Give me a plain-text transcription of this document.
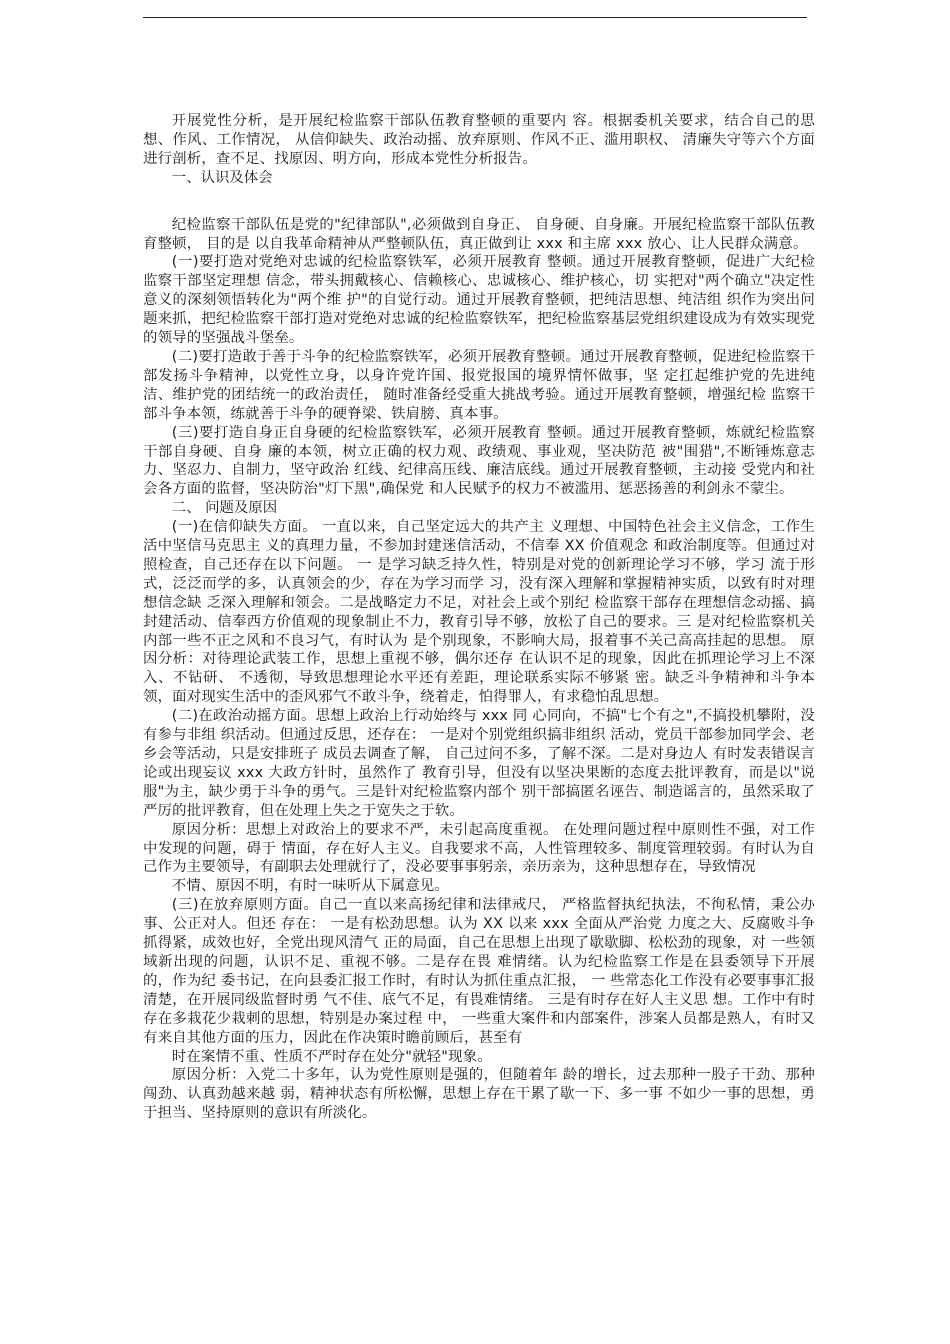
开展党性分析，是开展纪检监察干部队伍教育整顿的重要内 容。根据委机关要求，结合自己的思想、作风、工作情况， 从信仰缺失、政治动摇、放弃原则、作风不正、滥用职权、 清廉失守等六个方面进行剖析，查不足、找原因、明方向，形成本党性分析报告。

一、认识及体会

纪检监察干部队伍是党的"纪律部队",必须做到自身正、 自身硬、自身廉。开展纪检监察干部队伍教育整顿， 目的是 以自我革命精神从严整顿队伍，真正做到让 xxx 和主席 xxx 放心、让人民群众满意。

(一)要打造对党绝对忠诚的纪检监察铁军，必须开展教育 整顿。通过开展教育整顿，促进广大纪检监察干部坚定理想 信念，带头拥戴核心、信赖核心、忠诚核心、维护核心，切 实把对"两个确立"决定性意义的深刻领悟转化为"两个维 护"的自觉行动。通过开展教育整顿，把纯洁思想、纯洁组 织作为突出问题来抓，把纪检监察干部打造对党绝对忠诚的纪检监察铁军，把纪检监察基层党组织建设成为有效实现党的领导的坚强战斗堡垒。

(二)要打造敢于善于斗争的纪检监察铁军，必须开展教育整顿。通过开展教育整顿，促进纪检监察干部发扬斗争精神，以党性立身，以身许党许国、报党报国的境界情怀做事，坚 定扛起维护党的先进纯洁、维护党的团结统一的政治责任， 随时准备经受重大挑战考验。通过开展教育整顿，增强纪检 监察干部斗争本领，练就善于斗争的硬脊梁、铁肩膀、真本事。

(三)要打造自身正自身硬的纪检监察铁军，必须开展教育 整顿。通过开展教育整顿，炼就纪检监察干部自身硬、自身 廉的本领，树立正确的权力观、政绩观、事业观，坚决防范 被"围猎",不断锤炼意志力、坚忍力、自制力，坚守政治 红线、纪律高压线、廉洁底线。通过开展教育整顿，主动接 受党内和社会各方面的监督，坚决防治"灯下黑",确保党 和人民赋予的权力不被滥用、惩恶扬善的利剑永不蒙尘。

二、 问题及原因

(一)在信仰缺失方面。 一直以来，自己坚定远大的共产主 义理想、中国特色社会主义信念，工作生活中坚信马克思主 义的真理力量，不参加封建迷信活动，不信奉 XX 价值观念 和政治制度等。但通过对照检查，自己还存在以下问题。 一 是学习缺乏持久性，特别是对党的创新理论学习不够，学习 流于形式，泛泛而学的多，认真领会的少，存在为学习而学 习，没有深入理解和掌握精神实质，以致有时对理想信念缺 乏深入理解和领会。二是战略定力不足，对社会上或个别纪 检监察干部存在理想信念动摇、搞封建活动、信奉西方价值观的现象制止不力，教育引导不够，放松了自己的要求。三 是对纪检监察机关内部一些不正之风和不良习气，有时认为 是个别现象，不影响大局，报着事不关己高高挂起的思想。 原因分析：对待理论武装工作，思想上重视不够，偶尔还存 在认识不足的现象，因此在抓理论学习上不深入、不钻研、 不透彻，导致思想理论水平还有差距，理论联系实际不够紧 密。缺乏斗争精神和斗争本领，面对现实生活中的歪风邪气不敢斗争，绕着走，怕得罪人，有求稳怕乱思想。

(二)在政治动摇方面。思想上政治上行动始终与 xxx 同 心同向，不搞"七个有之",不搞投机攀附，没有参与非组 织活动。但通过反思，还存在： 一是对个别党组织搞非组织 活动，党员干部参加同学会、老乡会等活动，只是安排班子 成员去调查了解， 自己过问不多，了解不深。二是对身边人 有时发表错误言论或出现妄议 xxx 大政方针时，虽然作了 教育引导，但没有以坚决果断的态度去批评教育，而是以"说 服"为主，缺少勇于斗争的勇气。三是针对纪检监察内部个 别干部搞匿名诬告、制造谣言的，虽然采取了严厉的批评教育，但在处理上失之于宽失之于软。

原因分析：思想上对政治上的要求不严，未引起高度重视。 在处理问题过程中原则性不强，对工作中发现的问题，碍于 情面，存在好人主义。自我要求不高，人性管理较多、制度管理较弱。有时认为自己作为主要领导，有副职去处理就行了，没必要事事躬亲，亲历亲为，这种思想存在，导致情况

不情、原因不明，有时一味听从下属意见。

(三)在放弃原则方面。自己一直以来高扬纪律和法律戒尺， 严格监督执纪执法，不徇私情，秉公办事、公正对人。但还 存在： 一是有松劲思想。认为 XX 以来 xxx 全面从严治党 力度之大、反腐败斗争抓得紧，成效也好，全党出现风清气 正的局面，自己在思想上出现了歇歇脚、松松劲的现象，对 一些领域新出现的问题，认识不足、重视不够。二是存在畏 难情绪。认为纪检监察工作是在县委领导下开展的，作为纪 委书记，在向县委汇报工作时，有时认为抓住重点汇报， 一 些常态化工作没有必要事事汇报清楚，在开展同级监督时勇 气不佳、底气不足，有畏难情绪。 三是有时存在好人主义思 想。工作中有时存在多栽花少栽刺的思想，特别是办案过程 中， 一些重大案件和内部案件，涉案人员都是熟人，有时又 有来自其他方面的压力，因此在作决策时瞻前顾后，甚至有

时在案情不重、性质不严时存在处分"就轻"现象。

原因分析：入党二十多年，认为党性原则是强的，但随着年 龄的增长，过去那种一股子干劲、那种闯劲、认真劲越来越 弱，精神状态有所松懈，思想上存在干累了歇一下、多一事 不如少一事的思想，勇于担当、坚持原则的意识有所淡化。
